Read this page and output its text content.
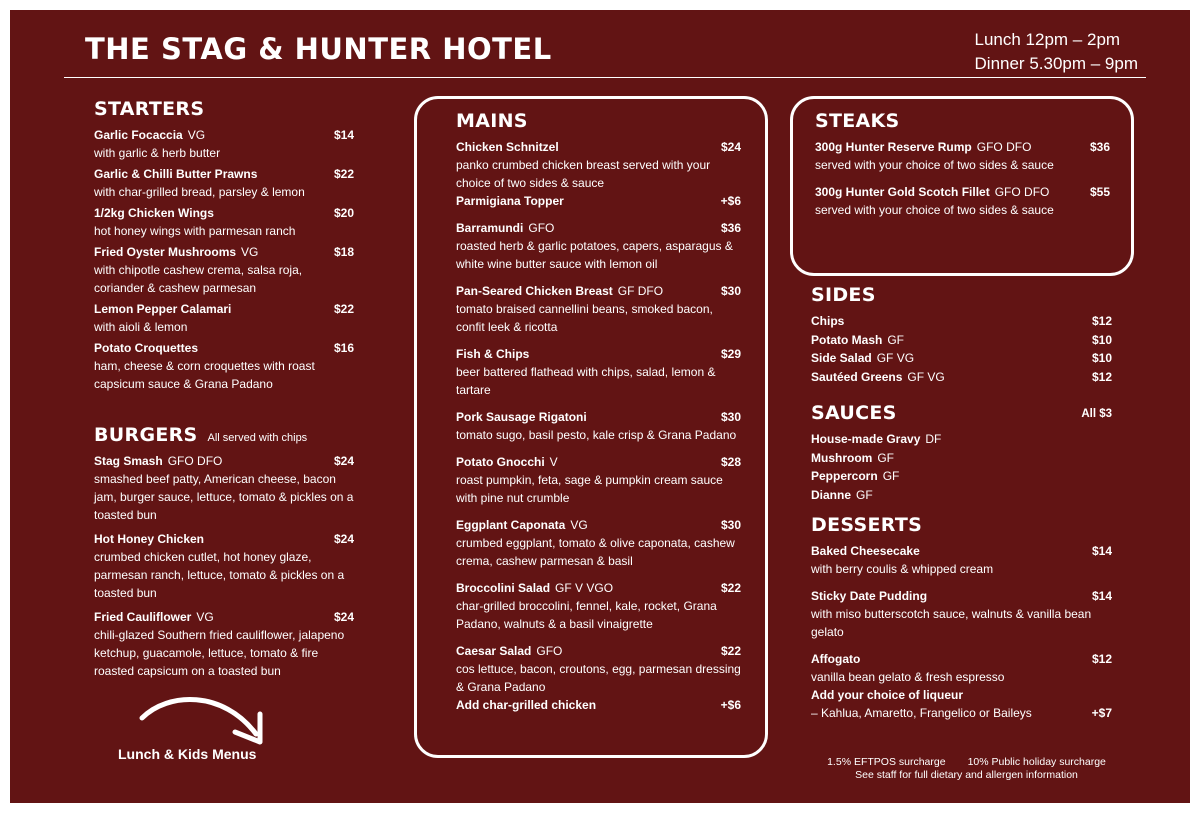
THE STAG & HUNTER HOTEL	Lunch 12pm – 2pm
Dinner 5.30pm – 9pm
STARTERS
Garlic Focaccia VG	$14
with garlic & herb butter
Garlic & Chilli Butter Prawns	$22
with char-grilled bread, parsley & lemon
1/2kg Chicken Wings	$20
hot honey wings with parmesan ranch
Fried Oyster Mushrooms VG	$18
with chipotle cashew crema, salsa roja, coriander & cashew parmesan
Lemon Pepper Calamari	$22
with aioli & lemon
Potato Croquettes	$16
ham, cheese & corn croquettes with roast capsicum sauce & Grana Padano
BURGERS All served with chips
Stag Smash GFO DFO	$24
smashed beef patty, American cheese, bacon jam, burger sauce, lettuce, tomato & pickles on a toasted bun
Hot Honey Chicken	$24
crumbed chicken cutlet, hot honey glaze, parmesan ranch, lettuce, tomato & pickles on a toasted bun
Fried Cauliflower VG	$24
chili-glazed Southern fried cauliflower, jalapeno ketchup, guacamole, lettuce, tomato & fire roasted capsicum on a toasted bun
Lunch & Kids Menus
MAINS
Chicken Schnitzel	$24
panko crumbed chicken breast served with your choice of two sides & sauce
Parmigiana Topper	+$6
Barramundi GFO	$36
roasted herb & garlic potatoes, capers, asparagus & white wine butter sauce with lemon oil
Pan-Seared Chicken Breast GF DFO	$30
tomato braised cannellini beans, smoked bacon, confit leek & ricotta
Fish & Chips	$29
beer battered flathead with chips, salad, lemon & tartare
Pork Sausage Rigatoni	$30
tomato sugo, basil pesto, kale crisp & Grana Padano
Potato Gnocchi V	$28
roast pumpkin, feta, sage & pumpkin cream sauce with pine nut crumble
Eggplant Caponata VG	$30
crumbed eggplant, tomato & olive caponata, cashew crema, cashew parmesan & basil
Broccolini Salad GF V VGO	$22
char-grilled broccolini, fennel, kale, rocket, Grana Padano, walnuts & a basil vinaigrette
Caesar Salad GFO	$22
cos lettuce, bacon, croutons, egg, parmesan dressing & Grana Padano
Add char-grilled chicken	+$6
STEAKS
300g Hunter Reserve Rump GFO DFO	$36
served with your choice of two sides & sauce
300g Hunter Gold Scotch Fillet GFO DFO	$55
served with your choice of two sides & sauce
SIDES
Chips	$12
Potato Mash GF	$10
Side Salad GF VG	$10
Sautéed Greens GF VG	$12
SAUCES	All $3
House-made Gravy DF
Mushroom GF
Peppercorn GF
Dianne GF
DESSERTS
Baked Cheesecake	$14
with berry coulis & whipped cream
Sticky Date Pudding	$14
with miso butterscotch sauce, walnuts & vanilla bean gelato
Affogato	$12
vanilla bean gelato & fresh espresso
Add your choice of liqueur
– Kahlua, Amaretto, Frangelico or Baileys	+$7
1.5% EFTPOS surcharge 10% Public holiday surcharge
See staff for full dietary and allergen information
